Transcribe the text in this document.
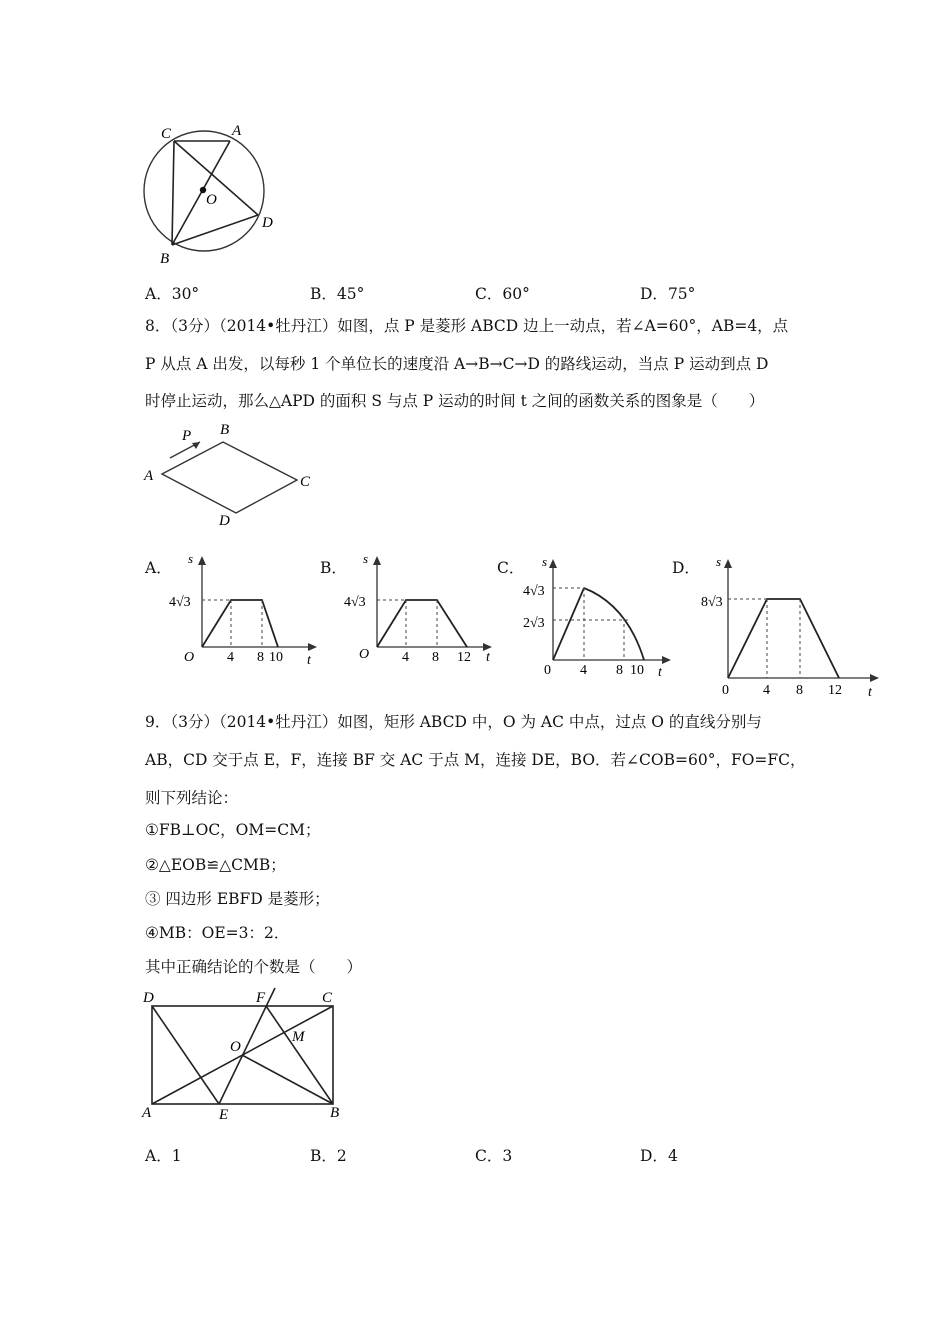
C	A
O
D
B
A．30°	B．45°	C．60°	D．75°
8．（3分）（2014•牡丹江）如图，点 P 是菱形 ABCD 边上一动点，若∠A=60°，AB=4，点
P 从点 A 出发，以每秒 1 个单位长的速度沿 A→B→C→D 的路线运动，当点 P 运动到点 D
时停止运动，那么△APD 的面积 S 与点 P 运动的时间 t 之间的函数关系的图象是（　　）
P
A
B
C
D
A．	B．	C．	D．
s
4√3
O 4 8 10 t
s
4√3
O 4 8 12 t
s
4√3
2√3
0 4 8 10 t
s
8√3
0 4 8 12 t
9．（3分）（2014•牡丹江）如图，矩形 ABCD 中，O 为 AC 中点，过点 O 的直线分别与
AB，CD 交于点 E，F，连接 BF 交 AC 于点 M，连接 DE，BO．若∠COB=60°，FO=FC，
则下列结论：
①FB⊥OC，OM=CM；
②△EOB≌△CMB；
③ 四边形 EBFD 是菱形；
④MB：OE=3：2．
其中正确结论的个数是（　　）
D	F	C
O
M
A	E	B
A．1	B．2	C．3	D．4
